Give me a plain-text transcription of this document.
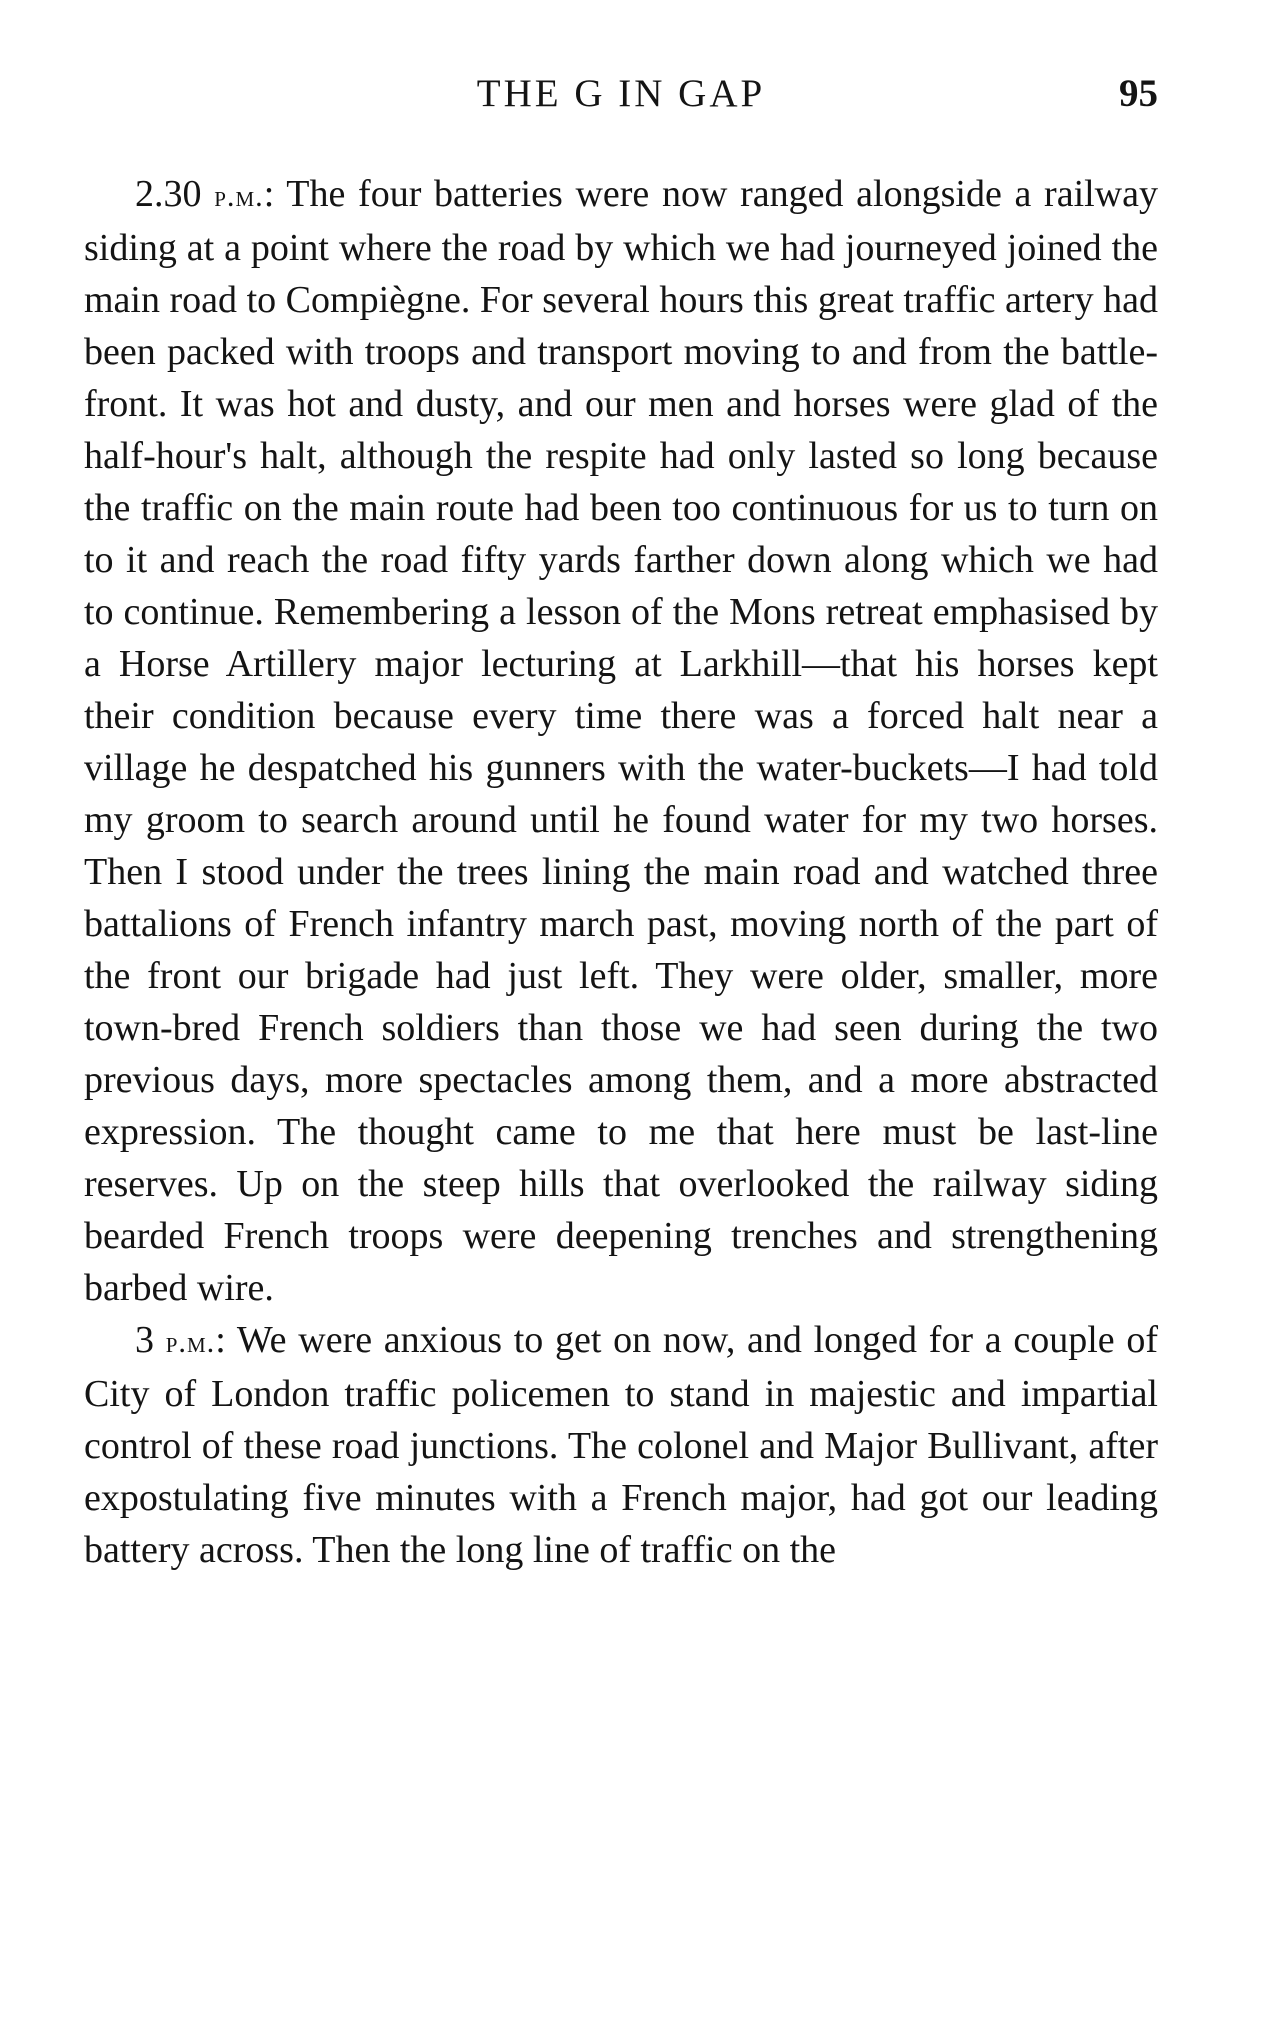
THE G IN GAP	95

2.30 p.m.: The four batteries were now ranged alongside a railway siding at a point where the road by which we had journeyed joined the main road to Compiègne. For several hours this great traffic artery had been packed with troops and transport moving to and from the battle-front. It was hot and dusty, and our men and horses were glad of the half-hour's halt, although the respite had only lasted so long because the traffic on the main route had been too continuous for us to turn on to it and reach the road fifty yards farther down along which we had to continue. Remembering a lesson of the Mons retreat emphasised by a Horse Artillery major lecturing at Larkhill—that his horses kept their condition because every time there was a forced halt near a village he despatched his gunners with the water-buckets—I had told my groom to search around until he found water for my two horses. Then I stood under the trees lining the main road and watched three battalions of French infantry march past, moving north of the part of the front our brigade had just left. They were older, smaller, more town-bred French soldiers than those we had seen during the two previous days, more spectacles among them, and a more abstracted expression. The thought came to me that here must be last-line reserves. Up on the steep hills that overlooked the railway siding bearded French troops were deepening trenches and strengthening barbed wire.

3 p.m.: We were anxious to get on now, and longed for a couple of City of London traffic policemen to stand in majestic and impartial control of these road junctions. The colonel and Major Bullivant, after expostulating five minutes with a French major, had got our leading battery across. Then the long line of traffic on the
